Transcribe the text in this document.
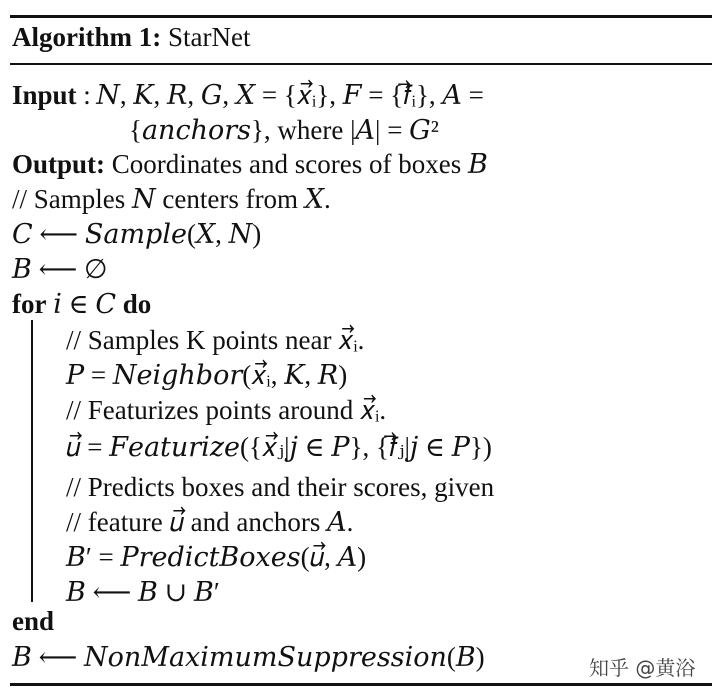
Algorithm 1: StarNet
Input : 𝑁, 𝐾, 𝑅, 𝐺, 𝑋 = {𝑥⃗ᵢ}, 𝐹 = {𝑓⃗ᵢ}, 𝐴 =
{𝑎𝑛𝑐ℎ𝑜𝑟𝑠}, where |𝐴| = 𝐺²
Output: Coordinates and scores of boxes 𝐵
// Samples 𝑁 centers from 𝑋.
𝐶 ⟵ 𝑆𝑎𝑚𝑝𝑙𝑒(𝑋, 𝑁)
𝐵 ⟵ ∅
for 𝑖 ∈ 𝐶 do
// Samples K points near 𝑥⃗ᵢ.
𝑃 = 𝑁𝑒𝑖𝑔ℎ𝑏𝑜𝑟(𝑥⃗ᵢ, 𝐾, 𝑅)
// Featurizes points around 𝑥⃗ᵢ.
𝑢⃗ = 𝐹𝑒𝑎𝑡𝑢𝑟𝑖𝑧𝑒({𝑥⃗ⱼ|𝑗 ∈ 𝑃}, {𝑓⃗ⱼ|𝑗 ∈ 𝑃})
// Predicts boxes and their scores, given
// feature 𝑢⃗ and anchors 𝐴.
𝐵′ = 𝑃𝑟𝑒𝑑𝑖𝑐𝑡𝐵𝑜𝑥𝑒𝑠(𝑢⃗, 𝐴)
𝐵 ⟵ 𝐵 ∪ 𝐵′
end
𝐵 ⟵ 𝑁𝑜𝑛𝑀𝑎𝑥𝑖𝑚𝑢𝑚𝑆𝑢𝑝𝑝𝑟𝑒𝑠𝑠𝑖𝑜𝑛(𝐵)	知乎 @黄浴
